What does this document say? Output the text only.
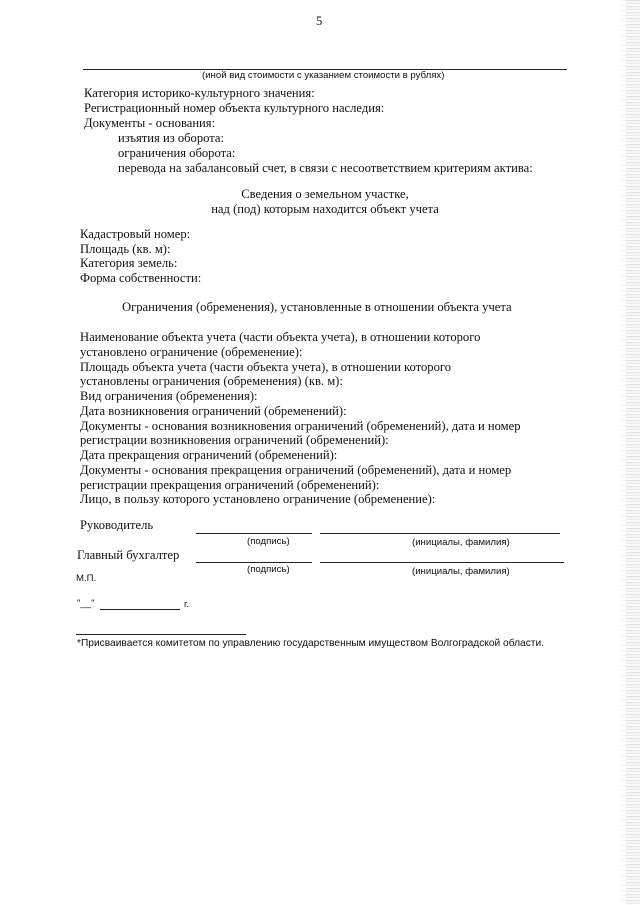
5
(иной вид стоимости с указанием стоимости в рублях)
Категория историко-культурного значения:
Регистрационный номер объекта культурного наследия:
Документы - основания:
изъятия из оборота:
ограничения оборота:
перевода на забалансовый счет, в связи с несоответствием критериям актива:
Сведения о земельном участке,
над (под) которым находится объект учета
Кадастровый номер:
Площадь (кв. м):
Категория земель:
Форма собственности:
Ограничения (обременения), установленные в отношении объекта учета
Наименование объекта учета (части объекта учета), в отношении которого
установлено ограничение (обременение):
Площадь объекта учета (части объекта учета), в отношении которого
установлены ограничения (обременения) (кв. м):
Вид ограничения (обременения):
Дата возникновения ограничений (обременений):
Документы - основания возникновения ограничений (обременений), дата и номер
регистрации возникновения ограничений (обременений):
Дата прекращения ограничений (обременений):
Документы - основания прекращения ограничений (обременений), дата и номер
регистрации прекращения ограничений (обременений):
Лицо, в пользу которого установлено ограничение (обременение):
Руководитель
(подпись)	(инициалы, фамилия)
Главный бухгалтер
(подпись)	(инициалы, фамилия)
М.П.
"__"	г.
*Присваивается комитетом по управлению государственным имуществом Волгоградской области.
